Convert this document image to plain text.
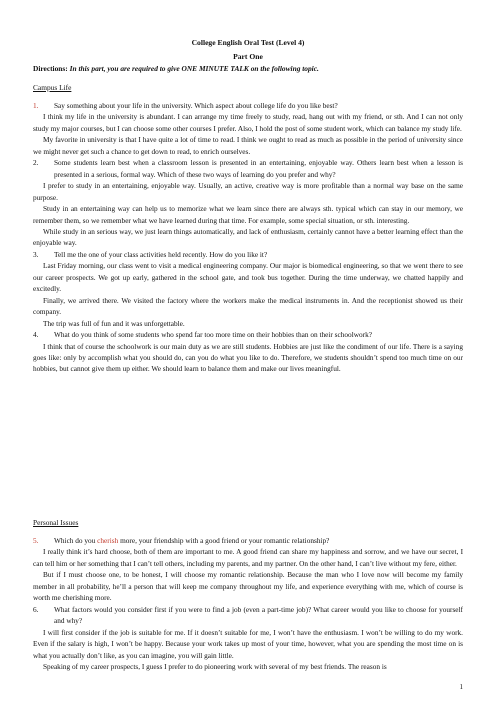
College English Oral Test (Level 4)
Part One
Directions: In this part, you are required to give ONE MINUTE TALK on the following topic.
Campus Life

1. Say something about your life in the university. Which aspect about college life do you like best?

I think my life in the university is abundant. I can arrange my time freely to study, read, hang out with my friend, or sth. And I can not only study my major courses, but I can choose some other courses I prefer. Also, I hold the post of some student work, which can balance my study life.

My favorite in university is that I have quite a lot of time to read. I think we ought to read as much as possible in the period of university since we might never get such a chance to get down to read, to enrich ourselves.

2. Some students learn best when a classroom lesson is presented in an entertaining, enjoyable way. Others learn best when a lesson is presented in a serious, formal way. Which of these two ways of learning do you prefer and why?

I prefer to study in an entertaining, enjoyable way. Usually, an active, creative way is more profitable than a normal way base on the same purpose.

Study in an entertaining way can help us to memorize what we learn since there are always sth. typical which can stay in our memory, we remember them, so we remember what we have learned during that time. For example, some special situation, or sth. interesting.

While study in an serious way, we just learn things automatically, and lack of enthusiasm, certainly cannot have a better learning effect than the enjoyable way.

3. Tell me the one of your class activities held recently. How do you like it?

Last Friday morning, our class went to visit a medical engineering company. Our major is biomedical engineering, so that we went there to see our career prospects. We got up early, gathered in the school gate, and took bus together. During the time underway, we chatted happily and excitedly.

Finally, we arrived there. We visited the factory where the workers make the medical instruments in. And the receptionist showed us their company.

The trip was full of fun and it was unforgettable.

4. What do you think of some students who spend far too more time on their hobbies than on their schoolwork?

I think that of course the schoolwork is our main duty as we are still students. Hobbies are just like the condiment of our life. There is a saying goes like: only by accomplish what you should do, can you do what you like to do. Therefore, we students shouldn’t spend too much time on our hobbies, but cannot give them up either. We should learn to balance them and make our lives meaningful.

Personal Issues

5. Which do you cherish more, your friendship with a good friend or your romantic relationship?

I really think it’s hard choose, both of them are important to me. A good friend can share my happiness and sorrow, and we have our secret, I can tell him or her something that I can’t tell others, including my parents, and my partner. On the other hand, I can’t live without my fere, either.

But if I must choose one, to be honest, I will choose my romantic relationship. Because the man who I love now will become my family member in all probability, he’ll a person that will keep me company throughout my life, and experience everything with me, which of course is worth me cherishing more.

6. What factors would you consider first if you were to find a job (even a part-time job)? What career would you like to choose for yourself and why?

I will first consider if the job is suitable for me. If it doesn’t suitable for me, I won’t have the enthusiasm. I won’t be willing to do my work. Even if the salary is high, I won’t be happy. Because your work takes up most of your time, however, what you are spending the most time on is what you actually don’t like, as you can imagine, you will gain little.

Speaking of my career prospects, I guess I prefer to do pioneering work with several of my best friends. The reason is

1
